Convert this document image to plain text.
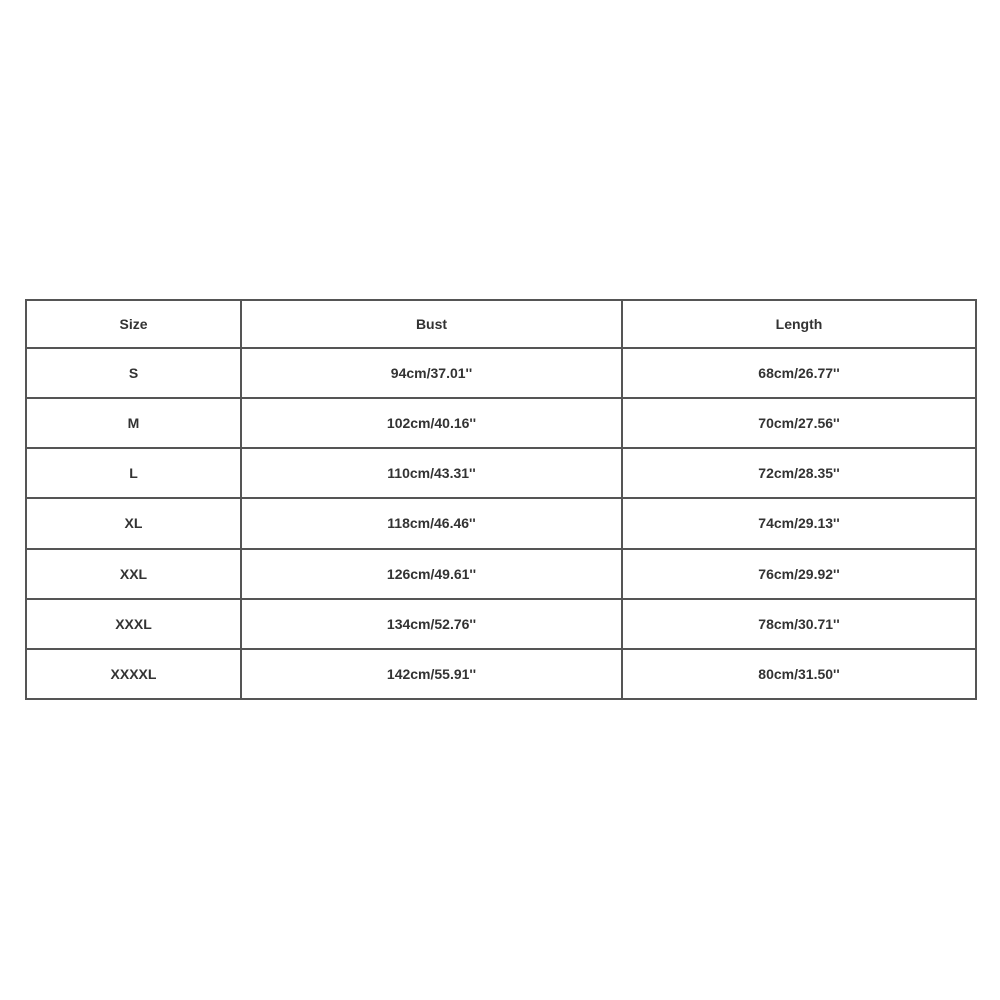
Size	Bust	Length
S	94cm/37.01''	68cm/26.77''
M	102cm/40.16''	70cm/27.56''
L	110cm/43.31''	72cm/28.35''
XL	118cm/46.46''	74cm/29.13''
XXL	126cm/49.61''	76cm/29.92''
XXXL	134cm/52.76''	78cm/30.71''
XXXXL	142cm/55.91''	80cm/31.50''
